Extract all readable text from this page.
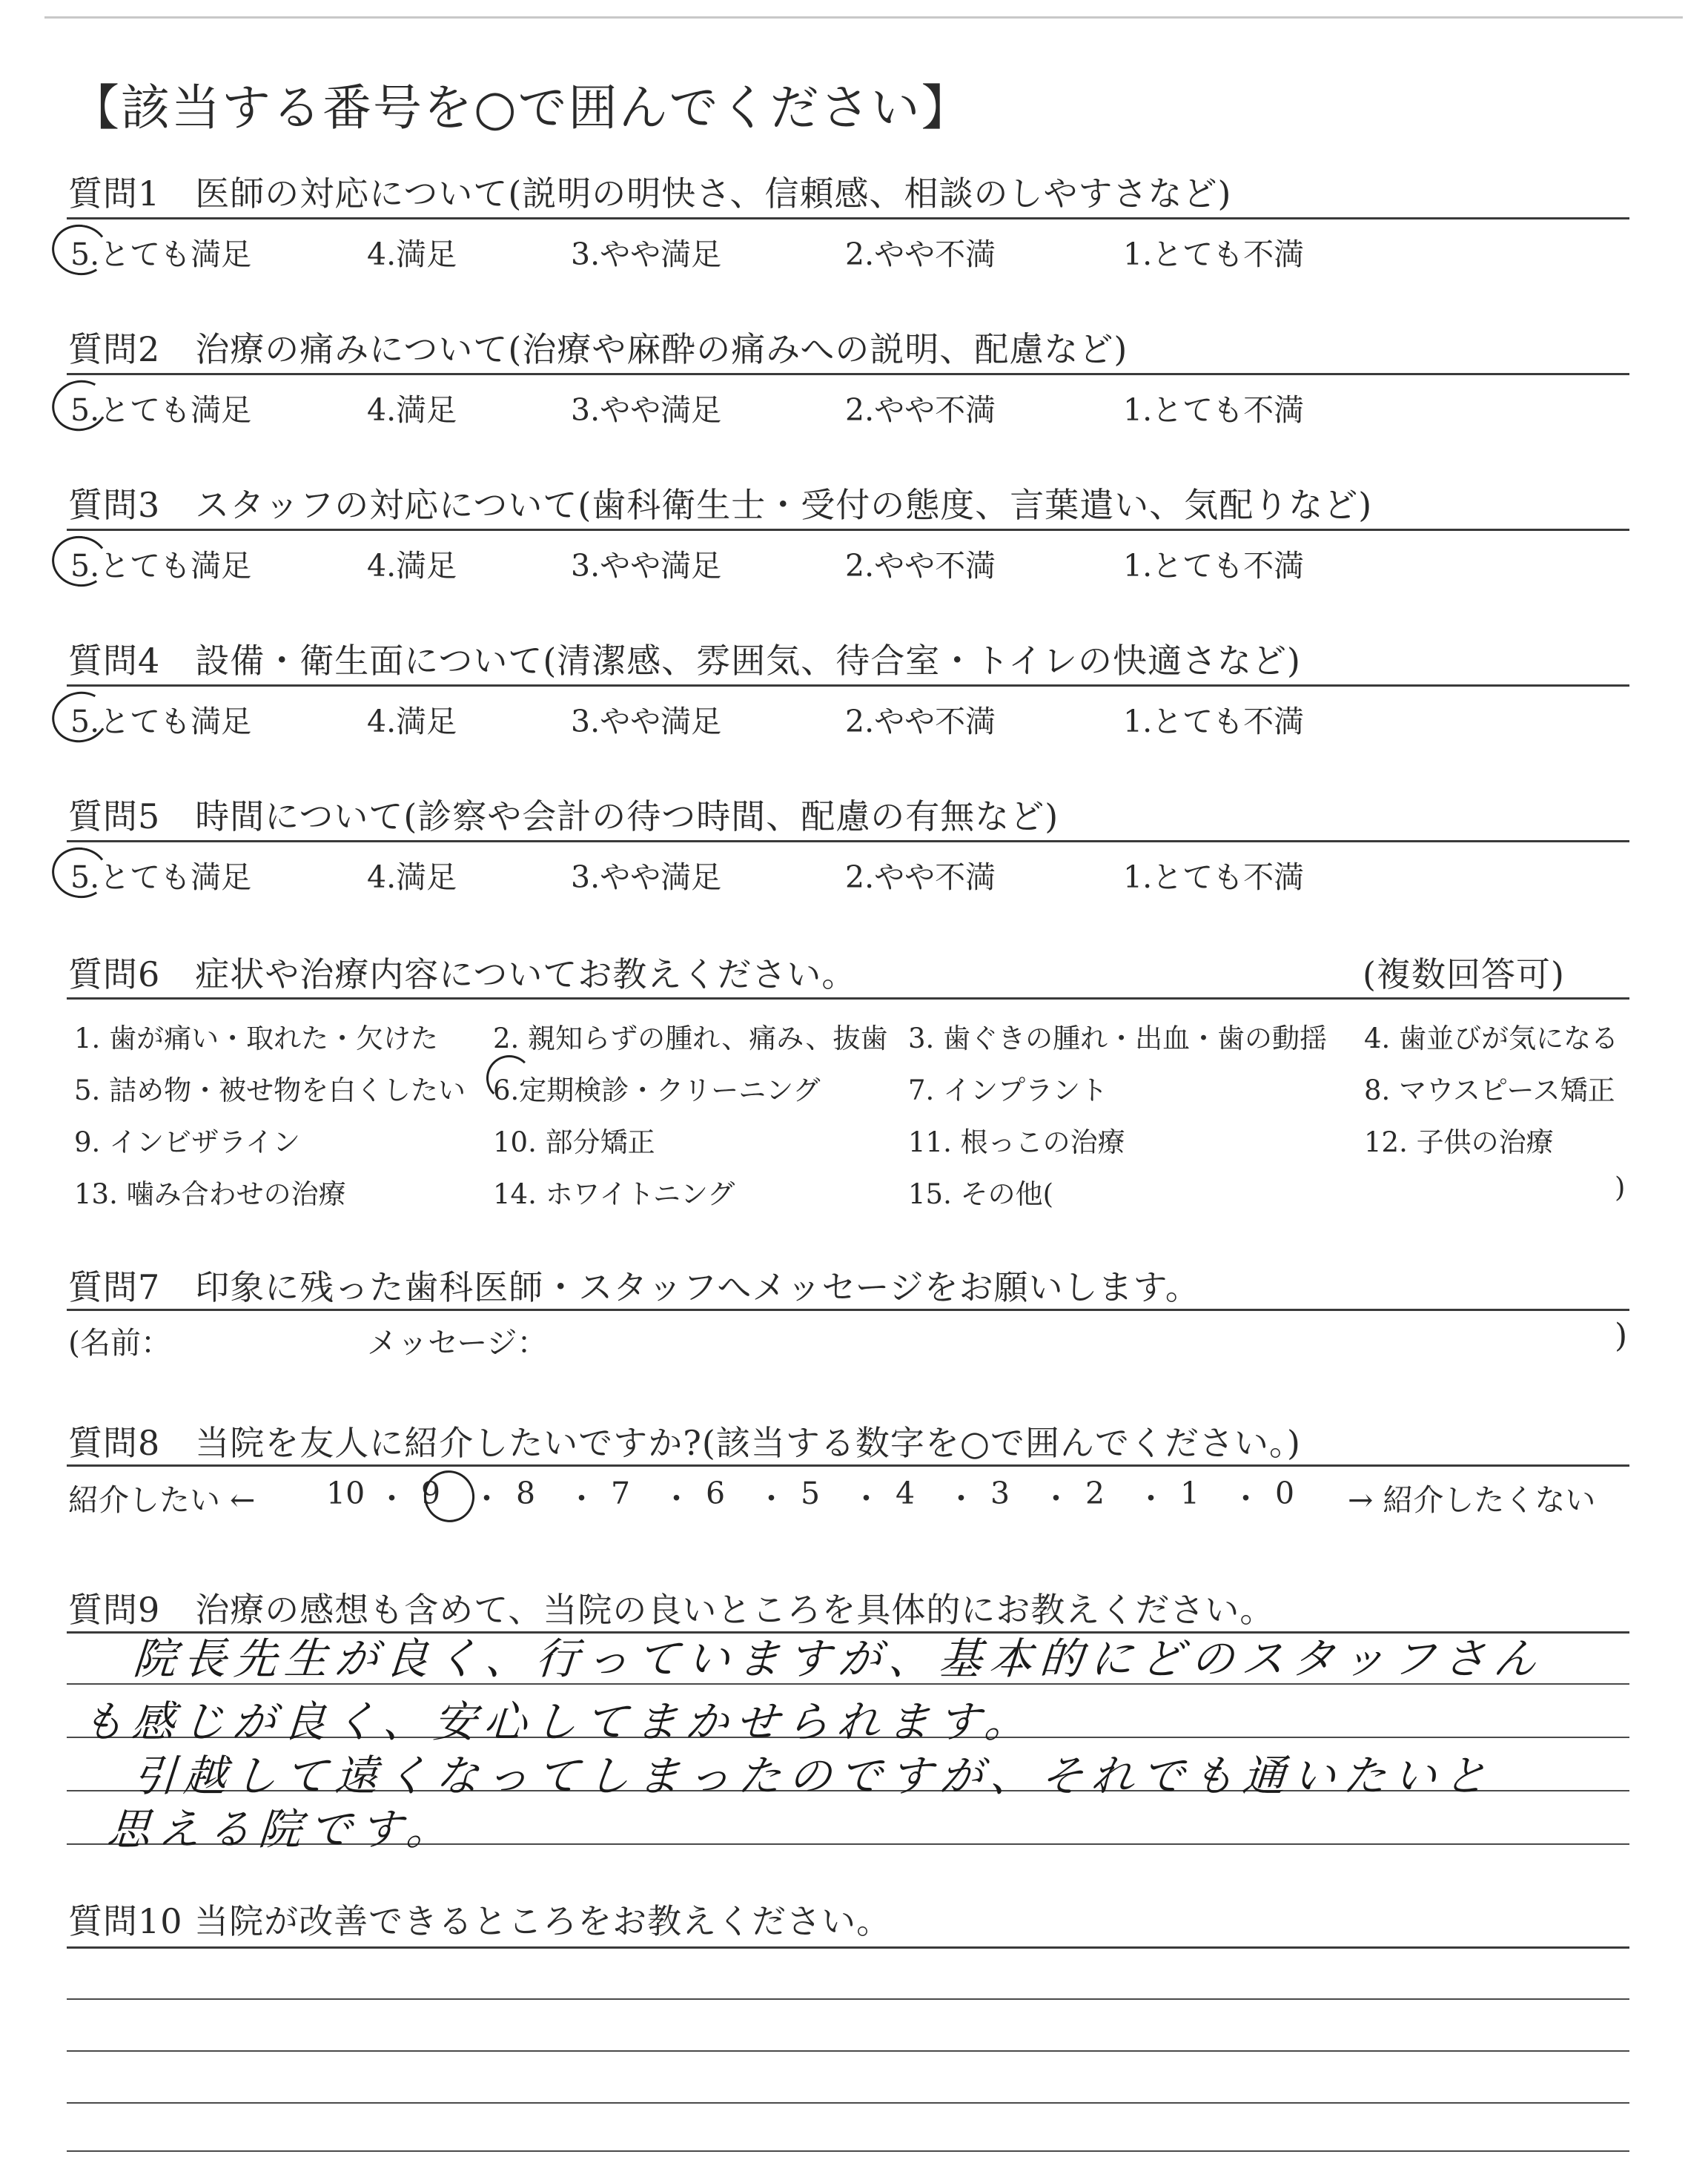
【該当する番号を○で囲んでください】
質問1　医師の対応について(説明の明快さ、信頼感、相談のしやすさなど)
5.とても満足	4.満足	3.やや満足	2.やや不満	1.とても不満
質問2　治療の痛みについて(治療や麻酔の痛みへの説明、配慮など)
5.とても満足	4.満足	3.やや満足	2.やや不満	1.とても不満
質問3　スタッフの対応について(歯科衛生士・受付の態度、言葉遣い、気配りなど)
5.とても満足	4.満足	3.やや満足	2.やや不満	1.とても不満
質問4　設備・衛生面について(清潔感、雰囲気、待合室・トイレの快適さなど)
5.とても満足	4.満足	3.やや満足	2.やや不満	1.とても不満
質問5　時間について(診察や会計の待つ時間、配慮の有無など)
5.とても満足	4.満足	3.やや満足	2.やや不満	1.とても不満
質問6　症状や治療内容についてお教えください。	(複数回答可)
1. 歯が痛い・取れた・欠けた 2. 親知らずの腫れ、痛み、抜歯 3. 歯ぐきの腫れ・出血・歯の動揺 4. 歯並びが気になる
5. 詰め物・被せ物を白くしたい 6.定期検診・クリーニング	7. インプラント	8. マウスピース矯正
9. インビザライン	10. 部分矯正	11. 根っこの治療	12. 子供の治療
13. 噛み合わせの治療	14. ホワイトニング	15. その他(	)
質問7　印象に残った歯科医師・スタッフへメッセージをお願いします。
(名前：	メッセージ：	)
質問8　当院を友人に紹介したいですか?(該当する数字を○で囲んでください。)
紹介したい ← 10 ・ 9 ・ 8 ・ 7 ・ 6 ・ 5 ・ 4 ・ 3 ・ 2 ・ 1 ・ 0 → 紹介したくない
質問9　治療の感想も含めて、当院の良いところを具体的にお教えください。
院長先生が良く、行っていますが、基本的にどのスタッフさん
も感じが良く、安心してまかせられます。
引越して遠くなってしまったのですが、それでも通いたいと
思える院です。
質問10 当院が改善できるところをお教えください。
